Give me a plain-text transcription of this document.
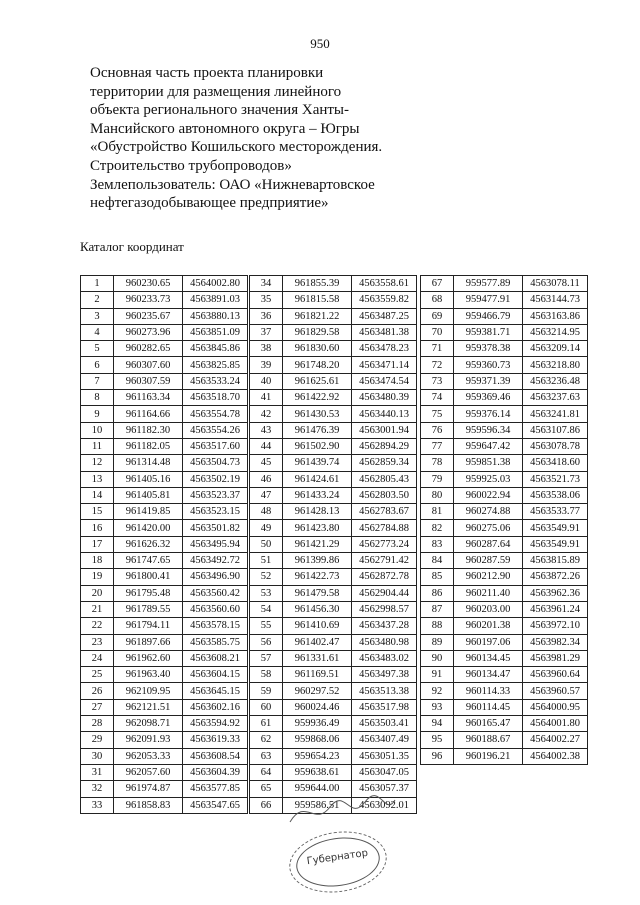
950
Основная часть проекта планировки
территории для размещения линейного
объекта регионального значения Ханты-
Мансийского автономного округа – Югры
«Обустройство Кошильского месторождения.
Строительство трубопроводов»
Землепользователь: ОАО «Нижневартовское
нефтегазодобывающее предприятие»
Каталог координат
1	960230.65	4564002.80
2	960233.73	4563891.03
3	960235.67	4563880.13
4	960273.96	4563851.09
5	960282.65	4563845.86
6	960307.60	4563825.85
7	960307.59	4563533.24
8	961163.34	4563518.70
9	961164.66	4563554.78
10	961182.30	4563554.26
11	961182.05	4563517.60
12	961314.48	4563504.73
13	961405.16	4563502.19
14	961405.81	4563523.37
15	961419.85	4563523.15
16	961420.00	4563501.82
17	961626.32	4563495.94
18	961747.65	4563492.72
19	961800.41	4563496.90
20	961795.48	4563560.42
21	961789.55	4563560.60
22	961794.11	4563578.15
23	961897.66	4563585.75
24	961962.60	4563608.21
25	961963.40	4563604.15
26	962109.95	4563645.15
27	962121.51	4563602.16
28	962098.71	4563594.92
29	962091.93	4563619.33
30	962053.33	4563608.54
31	962057.60	4563604.39
32	961974.87	4563577.85
33	961858.83	4563547.65
34	961855.39	4563558.61
35	961815.58	4563559.82
36	961821.22	4563487.25
37	961829.58	4563481.38
38	961830.60	4563478.23
39	961748.20	4563471.14
40	961625.61	4563474.54
41	961422.92	4563480.39
42	961430.53	4563440.13
43	961476.39	4563001.94
44	961502.90	4562894.29
45	961439.74	4562859.34
46	961424.61	4562805.43
47	961433.24	4562803.50
48	961428.13	4562783.67
49	961423.80	4562784.88
50	961421.29	4562773.24
51	961399.86	4562791.42
52	961422.73	4562872.78
53	961479.58	4562904.44
54	961456.30	4562998.57
55	961410.69	4563437.28
56	961402.47	4563480.98
57	961331.61	4563483.02
58	961169.51	4563497.38
59	960297.52	4563513.38
60	960024.46	4563517.98
61	959936.49	4563503.41
62	959868.06	4563407.49
63	959654.23	4563051.35
64	959638.61	4563047.05
65	959644.00	4563057.37
66	959586.51	4563092.01
67	959577.89	4563078.11
68	959477.91	4563144.73
69	959466.79	4563163.86
70	959381.71	4563214.95
71	959378.38	4563209.14
72	959360.73	4563218.80
73	959371.39	4563236.48
74	959369.46	4563237.63
75	959376.14	4563241.81
76	959596.34	4563107.86
77	959647.42	4563078.78
78	959851.38	4563418.60
79	959925.03	4563521.73
80	960022.94	4563538.06
81	960274.88	4563533.77
82	960275.06	4563549.91
83	960287.64	4563549.91
84	960287.59	4563815.89
85	960212.90	4563872.26
86	960211.40	4563962.36
87	960203.00	4563961.24
88	960201.38	4563972.10
89	960197.06	4563982.34
90	960134.45	4563981.29
91	960134.47	4563960.64
92	960114.33	4563960.57
93	960114.45	4564000.95
94	960165.47	4564001.80
95	960188.67	4564002.27
96	960196.21	4564002.38
Губернатор
